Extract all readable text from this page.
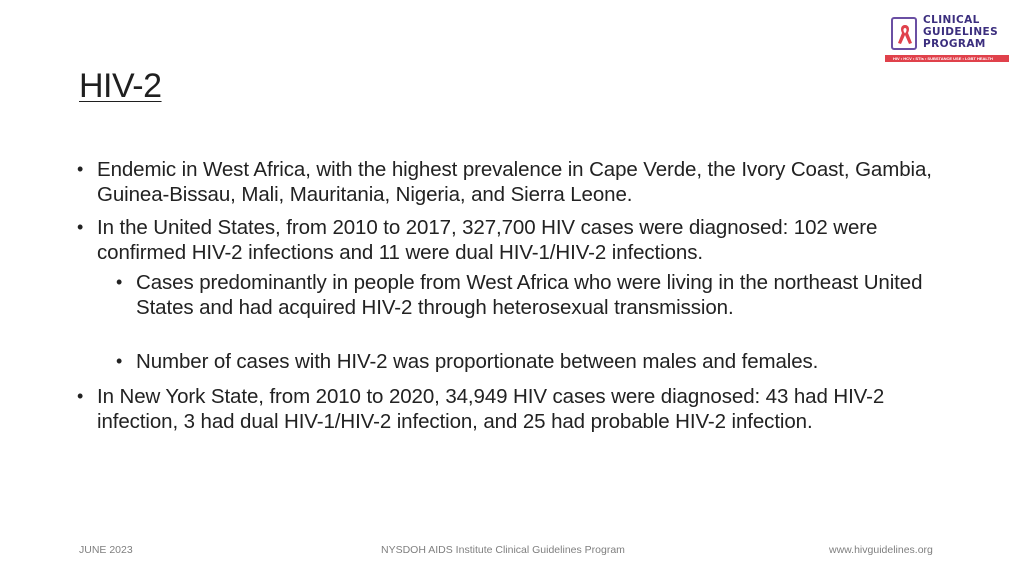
HIV-2
CLINICAL
GUIDELINES
PROGRAM
HIV • HCV • STIs • SUBSTANCE USE • LGBT HEALTH
• Endemic in West Africa, with the highest prevalence in Cape Verde, the Ivory Coast, Gambia, Guinea-Bissau, Mali, Mauritania, Nigeria, and Sierra Leone.
• In the United States, from 2010 to 2017, 327,700 HIV cases were diagnosed: 102 were confirmed HIV-2 infections and 11 were dual HIV-1/HIV-2 infections.
• Cases predominantly in people from West Africa who were living in the northeast United States and had acquired HIV-2 through heterosexual transmission.
• Number of cases with HIV-2 was proportionate between males and females.
• In New York State, from 2010 to 2020, 34,949 HIV cases were diagnosed: 43 had HIV-2 infection, 3 had dual HIV-1/HIV-2 infection, and 25 had probable HIV-2 infection.
JUNE 2023	NYSDOH AIDS Institute Clinical Guidelines Program	www.hivguidelines.org
